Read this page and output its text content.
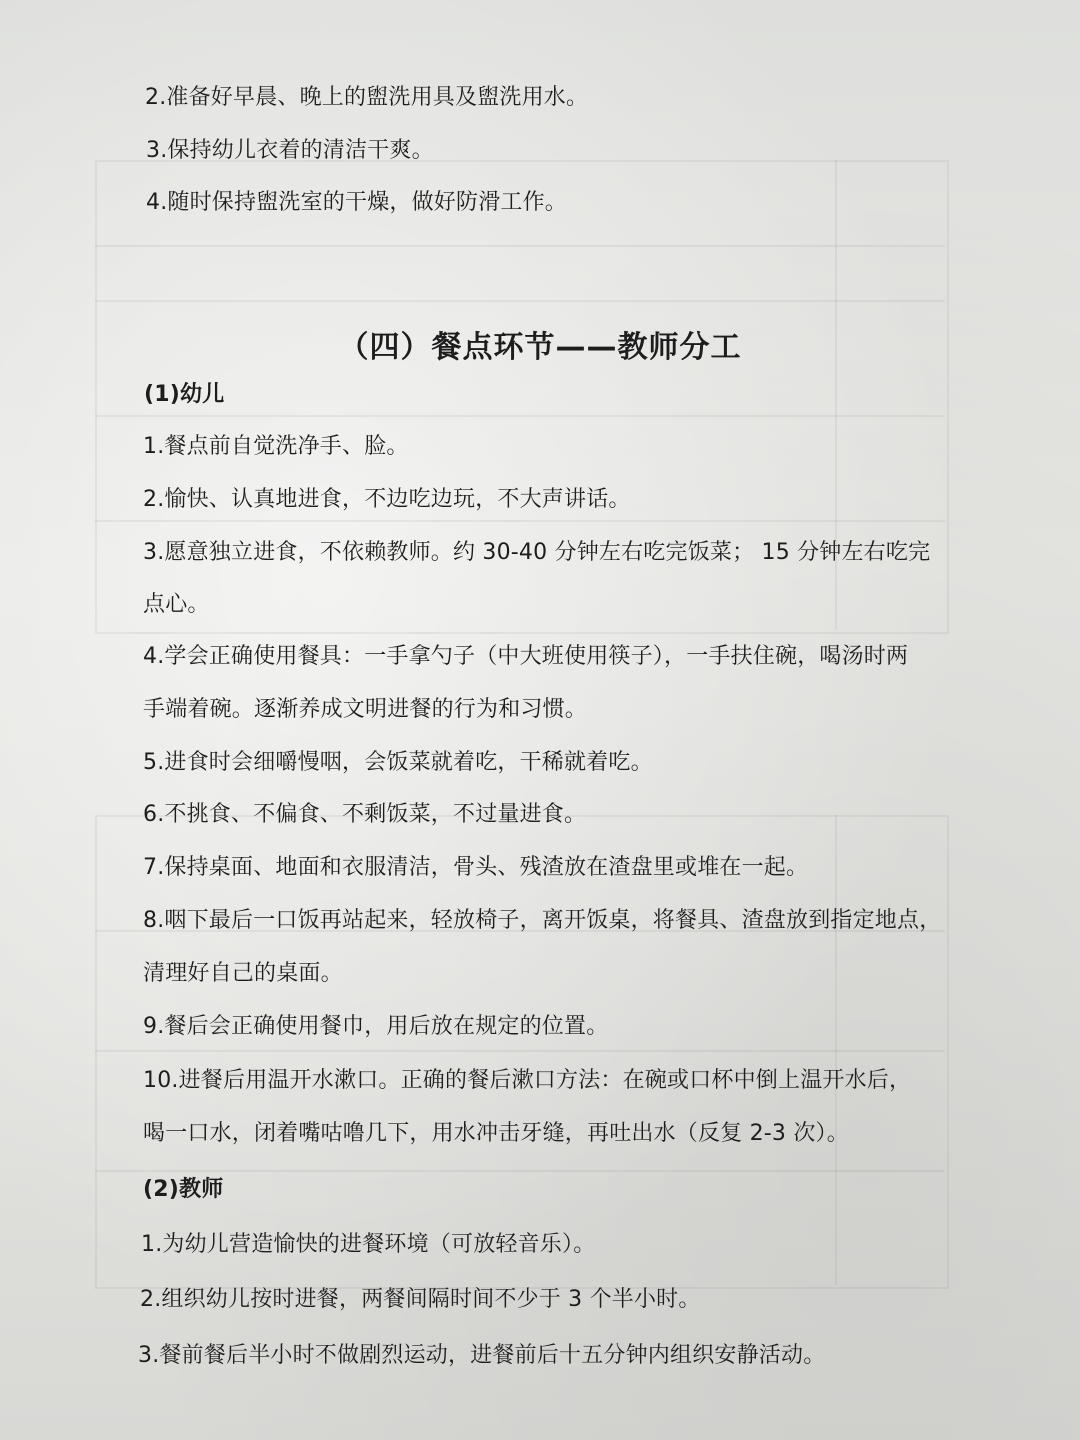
2.准备好早晨、晚上的盥洗用具及盥洗用水。
3.保持幼儿衣着的清洁干爽。
4.随时保持盥洗室的干燥，做好防滑工作。
（四）餐点环节——教师分工
(1)幼儿
1.餐点前自觉洗净手、脸。
2.愉快、认真地进食，不边吃边玩，不大声讲话。
3.愿意独立进食，不依赖教师。约 30-40 分钟左右吃完饭菜； 15 分钟左右吃完
点心。
4.学会正确使用餐具：一手拿勺子（中大班使用筷子），一手扶住碗，喝汤时两
手端着碗。逐渐养成文明进餐的行为和习惯。
5.进食时会细嚼慢咽，会饭菜就着吃，干稀就着吃。
6.不挑食、不偏食、不剩饭菜，不过量进食。
7.保持桌面、地面和衣服清洁，骨头、残渣放在渣盘里或堆在一起。
8.咽下最后一口饭再站起来，轻放椅子，离开饭桌，将餐具、渣盘放到指定地点，
清理好自己的桌面。
9.餐后会正确使用餐巾，用后放在规定的位置。
10.进餐后用温开水漱口。正确的餐后漱口方法：在碗或口杯中倒上温开水后，
喝一口水，闭着嘴咕噜几下，用水冲击牙缝，再吐出水（反复 2-3 次）。
(2)教师
1.为幼儿营造愉快的进餐环境（可放轻音乐）。
2.组织幼儿按时进餐，两餐间隔时间不少于 3 个半小时。
3.餐前餐后半小时不做剧烈运动，进餐前后十五分钟内组织安静活动。
